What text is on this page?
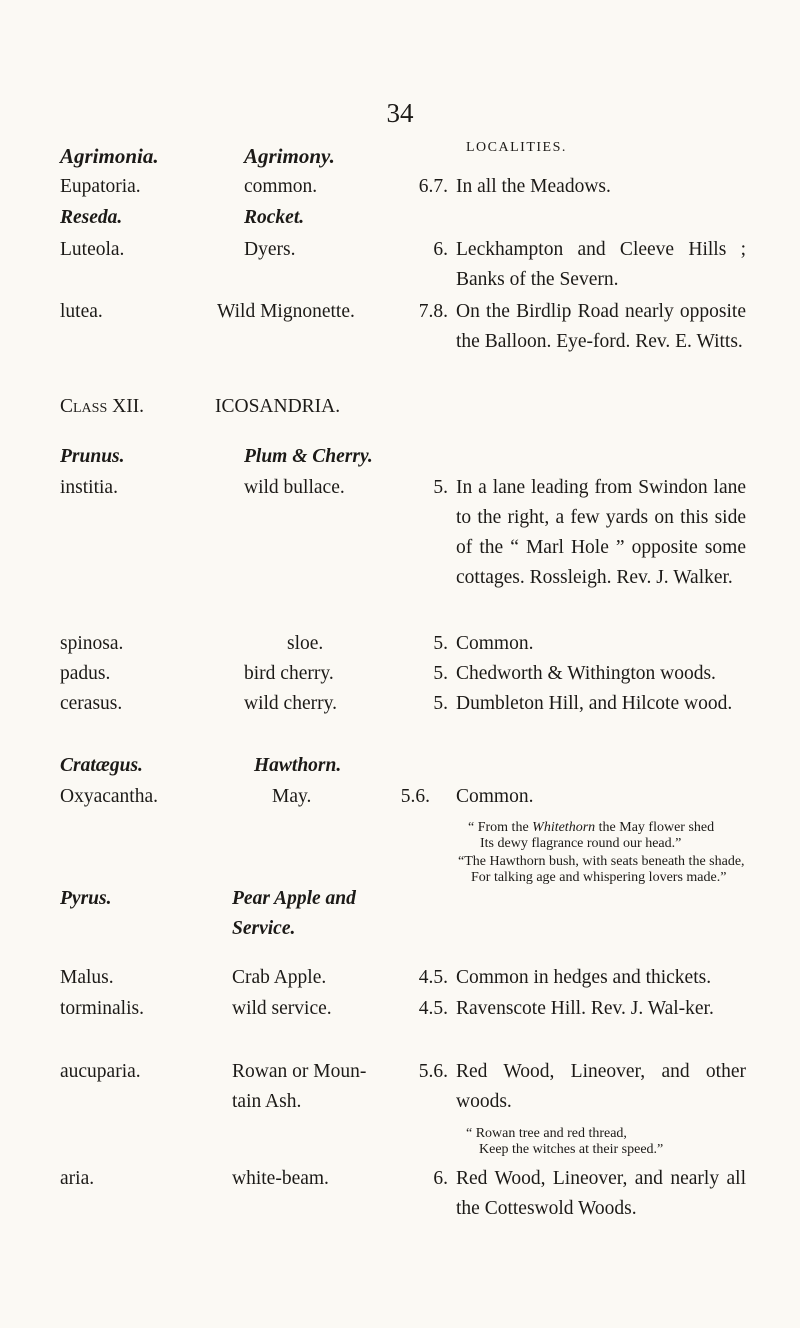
34
LOCALITIES.
Agrimonia.	Agrimony.
Eupatoria.	common.	6.7. In all the Meadows.
Reseda.	Rocket.
Luteola.	Dyers.	6. Leckhampton and Cleeve Hills ; Banks of the Severn.
lutea.	Wild Mignonette.	7.8. On the Birdlip Road nearly opposite the Balloon. Eye-ford. Rev. E. Witts.
Class XII.	ICOSANDRIA.
Prunus.	Plum & Cherry.
institia.	wild bullace.	5. In a lane leading from Swindon lane to the right, a few yards on this side of the “ Marl Hole ” opposite some cottages. Rossleigh. Rev. J. Walker.
spinosa.	sloe.	5. Common.
padus.	bird cherry.	5. Chedworth & Withington woods.
cerasus.	wild cherry.	5. Dumbleton Hill, and Hilcote wood.
Cratægus.	Hawthorn.
Oxyacantha.	May.	5.6. Common.
“ From the Whitethorn the May flower shed
Its dewy flagrance round our head.”
“The Hawthorn bush, with seats beneath the shade,
For talking age and whispering lovers made.”
Pyrus.	Pear Apple and
Service.
Malus.	Crab Apple.	4.5. Common in hedges and thickets.
torminalis.	wild service.	4.5. Ravenscote Hill. Rev. J. Wal-ker.
aucuparia.	Rowan or Moun-	5.6. Red Wood, Lineover, and other woods.
tain Ash.
“ Rowan tree and red thread,
Keep the witches at their speed.”
aria.	white-beam.	6. Red Wood, Lineover, and nearly all the Cotteswold Woods.
